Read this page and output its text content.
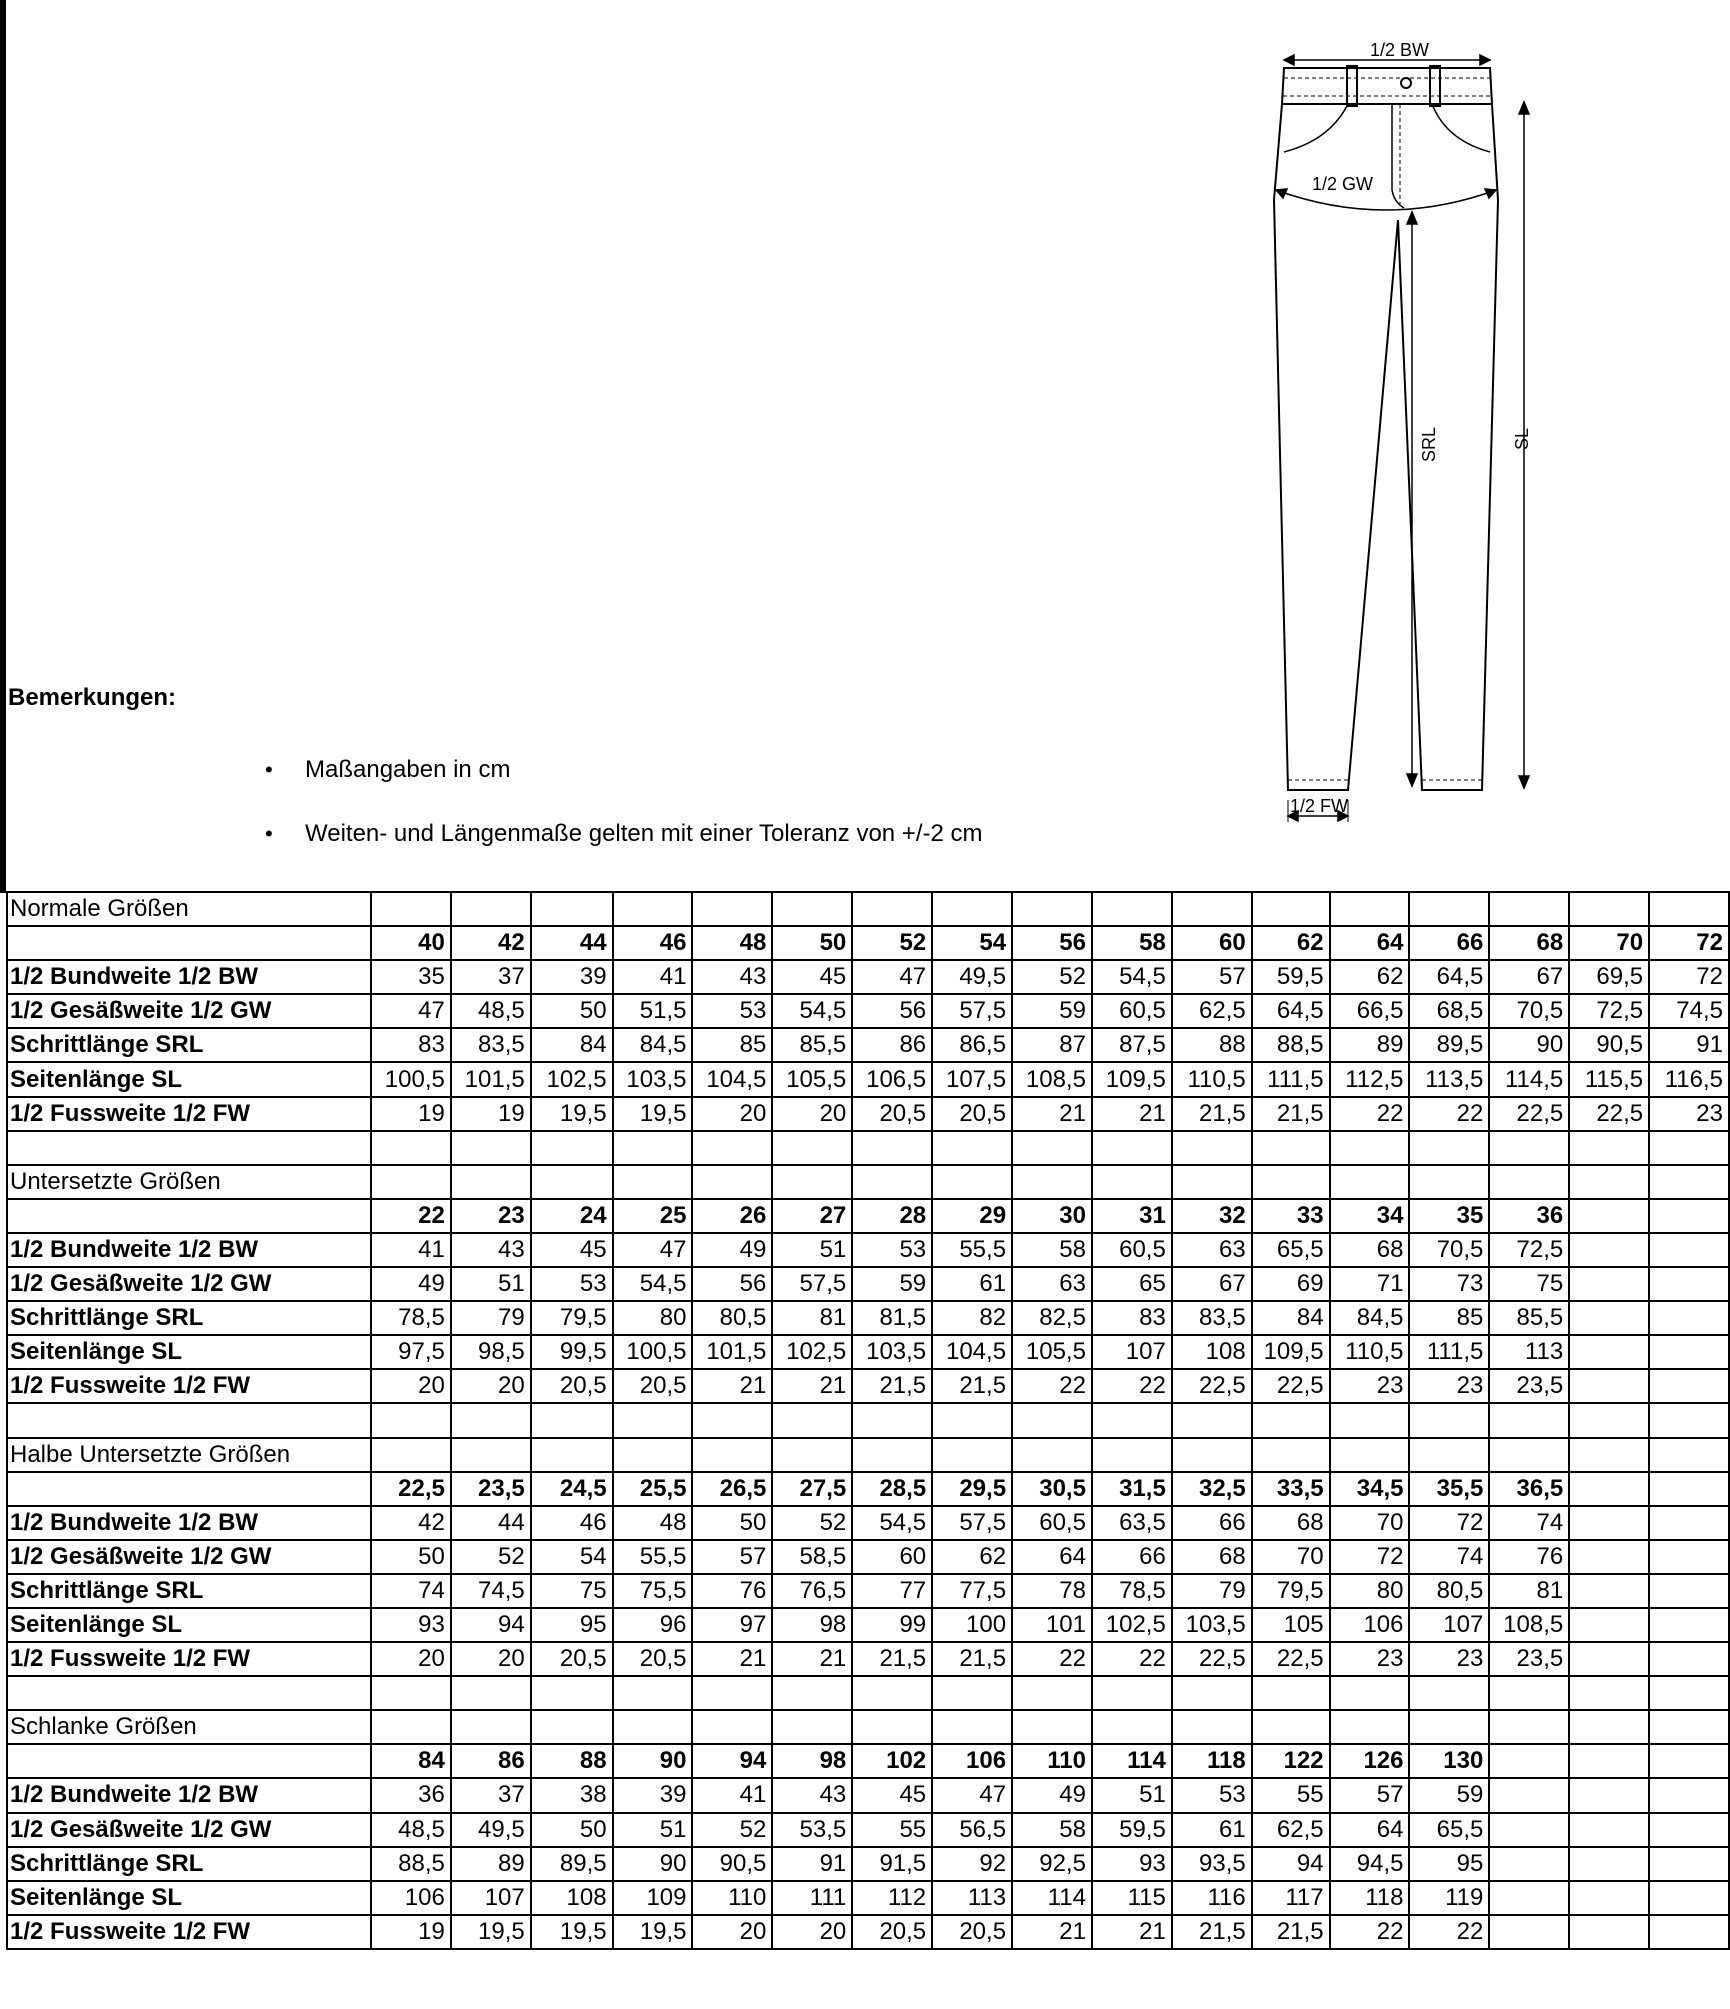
Bemerkungen:
• Maßangaben in cm
• Weiten- und Längenmaße gelten mit einer Toleranz von +/-2 cm
1/2 BW
1/2 GW
SRL	SL
1/2 FW
Normale Größen																	
	40	42	44	46	48	50	52	54	56	58	60	62	64	66	68	70	72
1/2 Bundweite 1/2 BW	35	37	39	41	43	45	47	49,5	52	54,5	57	59,5	62	64,5	67	69,5	72
1/2 Gesäßweite 1/2 GW	47	48,5	50	51,5	53	54,5	56	57,5	59	60,5	62,5	64,5	66,5	68,5	70,5	72,5	74,5
Schrittlänge SRL	83	83,5	84	84,5	85	85,5	86	86,5	87	87,5	88	88,5	89	89,5	90	90,5	91
Seitenlänge SL	100,5	101,5	102,5	103,5	104,5	105,5	106,5	107,5	108,5	109,5	110,5	111,5	112,5	113,5	114,5	115,5	116,5
1/2 Fussweite 1/2 FW	19	19	19,5	19,5	20	20	20,5	20,5	21	21	21,5	21,5	22	22	22,5	22,5	23

Untersetzte Größen																	
	22	23	24	25	26	27	28	29	30	31	32	33	34	35	36		
1/2 Bundweite 1/2 BW	41	43	45	47	49	51	53	55,5	58	60,5	63	65,5	68	70,5	72,5		
1/2 Gesäßweite 1/2 GW	49	51	53	54,5	56	57,5	59	61	63	65	67	69	71	73	75		
Schrittlänge SRL	78,5	79	79,5	80	80,5	81	81,5	82	82,5	83	83,5	84	84,5	85	85,5		
Seitenlänge SL	97,5	98,5	99,5	100,5	101,5	102,5	103,5	104,5	105,5	107	108	109,5	110,5	111,5	113		
1/2 Fussweite 1/2 FW	20	20	20,5	20,5	21	21	21,5	21,5	22	22	22,5	22,5	23	23	23,5		

Halbe Untersetzte Größen																	
	22,5	23,5	24,5	25,5	26,5	27,5	28,5	29,5	30,5	31,5	32,5	33,5	34,5	35,5	36,5		
1/2 Bundweite 1/2 BW	42	44	46	48	50	52	54,5	57,5	60,5	63,5	66	68	70	72	74		
1/2 Gesäßweite 1/2 GW	50	52	54	55,5	57	58,5	60	62	64	66	68	70	72	74	76		
Schrittlänge SRL	74	74,5	75	75,5	76	76,5	77	77,5	78	78,5	79	79,5	80	80,5	81		
Seitenlänge SL	93	94	95	96	97	98	99	100	101	102,5	103,5	105	106	107	108,5		
1/2 Fussweite 1/2 FW	20	20	20,5	20,5	21	21	21,5	21,5	22	22	22,5	22,5	23	23	23,5		

Schlanke Größen																	
	84	86	88	90	94	98	102	106	110	114	118	122	126	130			
1/2 Bundweite 1/2 BW	36	37	38	39	41	43	45	47	49	51	53	55	57	59			
1/2 Gesäßweite 1/2 GW	48,5	49,5	50	51	52	53,5	55	56,5	58	59,5	61	62,5	64	65,5			
Schrittlänge SRL	88,5	89	89,5	90	90,5	91	91,5	92	92,5	93	93,5	94	94,5	95			
Seitenlänge SL	106	107	108	109	110	111	112	113	114	115	116	117	118	119			
1/2 Fussweite 1/2 FW	19	19,5	19,5	19,5	20	20	20,5	20,5	21	21	21,5	21,5	22	22			
